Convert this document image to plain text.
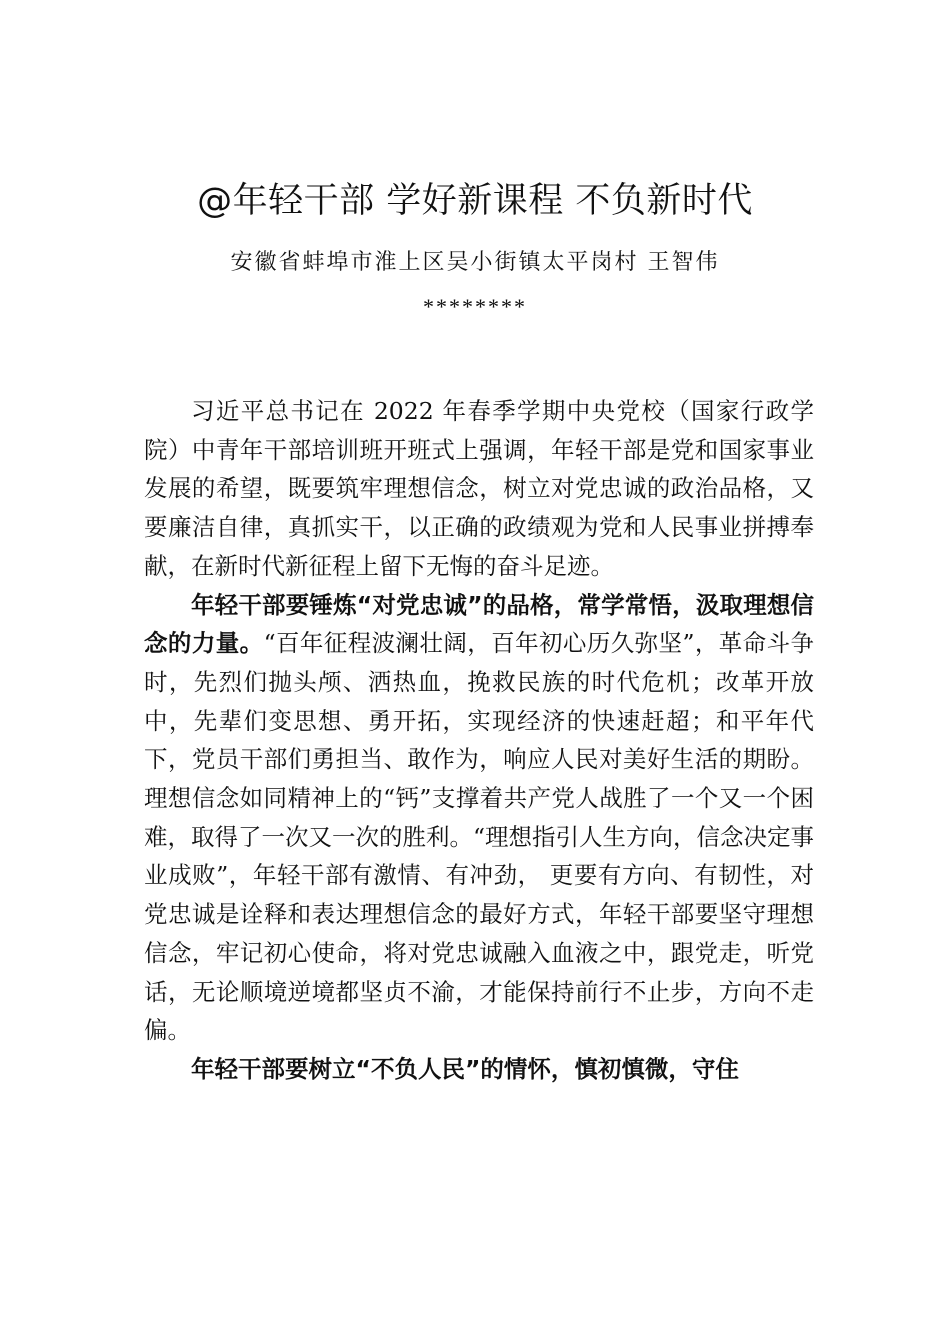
@年轻干部 学好新课程 不负新时代
安徽省蚌埠市淮上区吴小街镇太平岗村 王智伟
********

习近平总书记在 2022 年春季学期中央党校（国家行政学院）中青年干部培训班开班式上强调，年轻干部是党和国家事业发展的希望，既要筑牢理想信念，树立对党忠诚的政治品格，又要廉洁自律，真抓实干，以正确的政绩观为党和人民事业拼搏奉献，在新时代新征程上留下无悔的奋斗足迹。

年轻干部要锤炼“对党忠诚”的品格，常学常悟，汲取理想信念的力量。“百年征程波澜壮阔，百年初心历久弥坚”，革命斗争时，先烈们抛头颅、洒热血，挽救民族的时代危机；改革开放中，先辈们变思想、勇开拓，实现经济的快速赶超；和平年代下，党员干部们勇担当、敢作为，响应人民对美好生活的期盼。理想信念如同精神上的“钙”支撑着共产党人战胜了一个又一个困难，取得了一次又一次的胜利。“理想指引人生方向，信念决定事业成败”，年轻干部有激情、有冲劲， 更要有方向、有韧性，对党忠诚是诠释和表达理想信念的最好方式，年轻干部要坚守理想信念，牢记初心使命，将对党忠诚融入血液之中，跟党走，听党话，无论顺境逆境都坚贞不渝，才能保持前行不止步，方向不走偏。

年轻干部要树立“不负人民”的情怀，慎初慎微，守住
